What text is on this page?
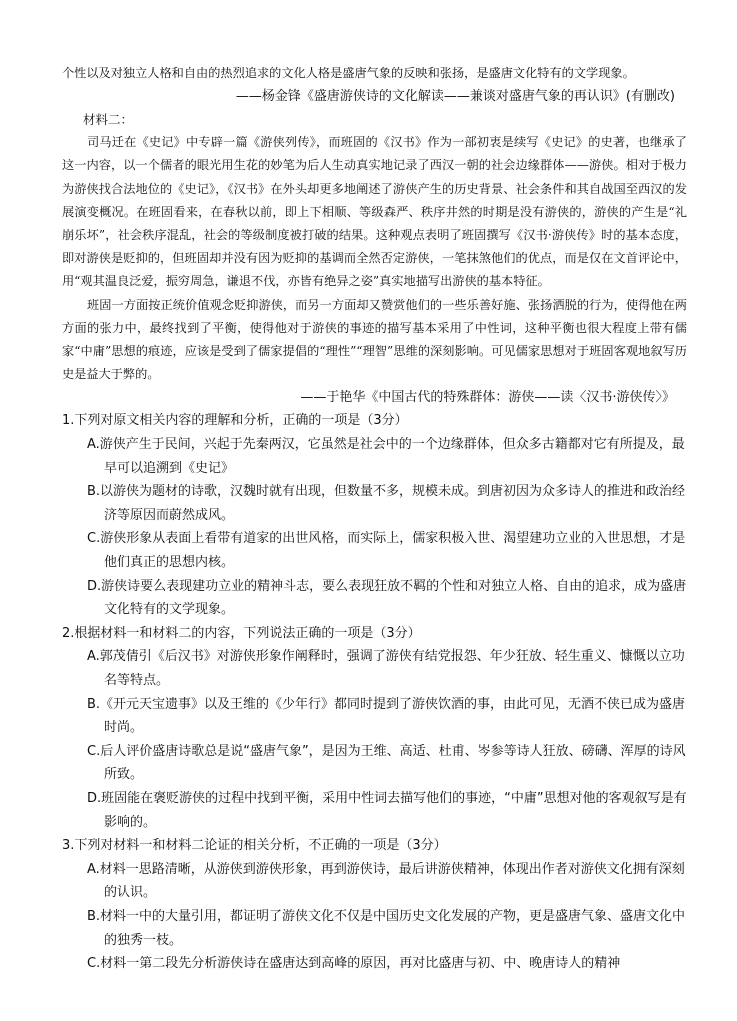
个性以及对独立人格和自由的热烈追求的文化人格是盛唐气象的反映和张扬，是盛唐文化特有的文学现象。

——杨金锋《盛唐游侠诗的文化解读——兼谈对盛唐气象的再认识》(有删改)

材料二：

司马迁在《史记》中专辟一篇《游侠列传》，而班固的《汉书》作为一部初衷是续写《史记》的史著，也继承了这一内容，以一个儒者的眼光用生花的妙笔为后人生动真实地记录了西汉一朝的社会边缘群体——游侠。相对于极力为游侠找合法地位的《史记》，《汉书》在外头却更多地阐述了游侠产生的历史背景、社会条件和其自战国至西汉的发展演变概况。在班固看来，在春秋以前，即上下相顺、等级森严、秩序井然的时期是没有游侠的，游侠的产生是“礼崩乐坏”，社会秩序混乱，社会的等级制度被打破的结果。这种观点表明了班固撰写《汉书·游侠传》时的基本态度，即对游侠是贬抑的，但班固却并没有因为贬抑的基调而全然否定游侠，一笔抹煞他们的优点，而是仅在文首评论中，用“观其温良泛爱，振穷周急，谦退不伐，亦皆有绝异之姿”真实地描写出游侠的基本特征。

班固一方面按正统价值观念贬抑游侠，而另一方面却又赞赏他们的一些乐善好施、张扬洒脱的行为，使得他在两方面的张力中，最终找到了平衡，使得他对于游侠的事迹的描写基本采用了中性词，这种平衡也很大程度上带有儒家“中庸”思想的痕迹，应该是受到了儒家提倡的“理性”“理智”思维的深刻影响。可见儒家思想对于班固客观地叙写历史是益大于弊的。

——于艳华《中国古代的特殊群体：游侠——读〈汉书·游侠传〉》

1.下列对原文相关内容的理解和分析，正确的一项是（3分）

A.游侠产生于民间，兴起于先秦两汉，它虽然是社会中的一个边缘群体，但众多古籍都对它有所提及，最早可以追溯到《史记》

B.以游侠为题材的诗歌，汉魏时就有出现，但数量不多，规模未成。到唐初因为众多诗人的推进和政治经济等原因而蔚然成风。

C.游侠形象从表面上看带有道家的出世风格，而实际上，儒家积极入世、渴望建功立业的入世思想，才是他们真正的思想内核。

D.游侠诗要么表现建功立业的精神斗志，要么表现狂放不羁的个性和对独立人格、自由的追求，成为盛唐文化特有的文学现象。

2.根据材料一和材料二的内容，下列说法正确的一项是（3分）

A.郭茂倩引《后汉书》对游侠形象作阐释时，强调了游侠有结党报怨、年少狂放、轻生重义、慷慨以立功名等特点。

B.《开元天宝遗事》以及王维的《少年行》都同时提到了游侠饮酒的事，由此可见，无酒不侠已成为盛唐时尚。

C.后人评价盛唐诗歌总是说“盛唐气象”，是因为王维、高适、杜甫、岑参等诗人狂放、磅礴、浑厚的诗风所致。

D.班固能在褒贬游侠的过程中找到平衡，采用中性词去描写他们的事迹，“中庸”思想对他的客观叙写是有影响的。

3.下列对材料一和材料二论证的相关分析，不正确的一项是（3分）

A.材料一思路清晰，从游侠到游侠形象，再到游侠诗，最后讲游侠精神，体现出作者对游侠文化拥有深刻的认识。

B.材料一中的大量引用，都证明了游侠文化不仅是中国历史文化发展的产物，更是盛唐气象、盛唐文化中的独秀一枝。

C.材料一第二段先分析游侠诗在盛唐达到高峰的原因，再对比盛唐与初、中、晚唐诗人的精神
